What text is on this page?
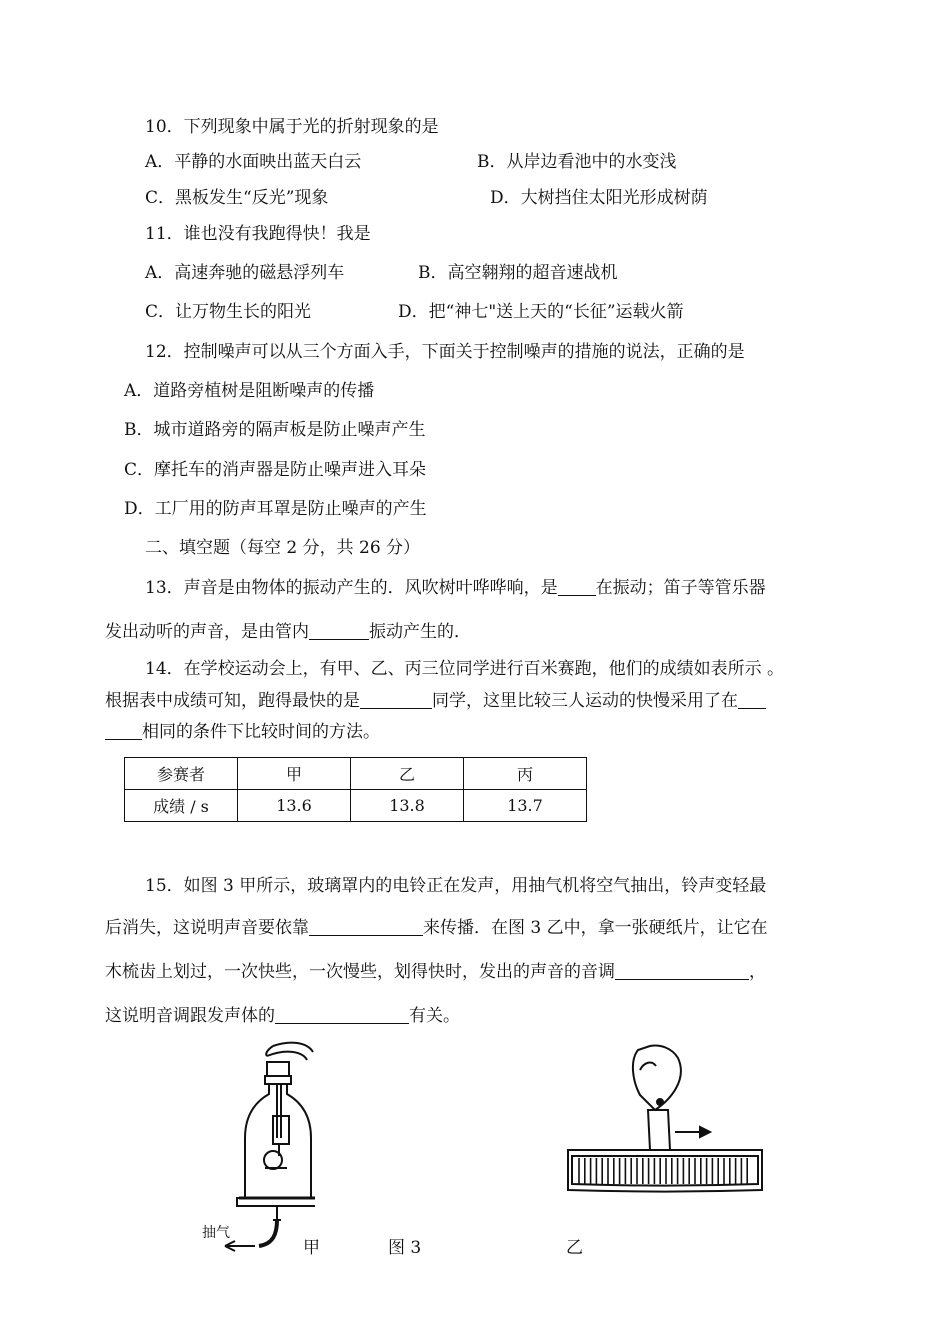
10．下列现象中属于光的折射现象的是
A．平静的水面映出蓝天白云	B．从岸边看池中的水变浅
C．黑板发生“反光”现象	D．大树挡住太阳光形成树荫
11．谁也没有我跑得快！我是
A．高速奔驰的磁悬浮列车	B．高空翱翔的超音速战机
C．让万物生长的阳光	D．把“神七"送上天的“长征”运载火箭
12．控制噪声可以从三个方面入手，下面关于控制噪声的措施的说法，正确的是
A．道路旁植树是阻断噪声的传播
B．城市道路旁的隔声板是防止噪声产生
C．摩托车的消声器是防止噪声进入耳朵
D．工厂用的防声耳罩是防止噪声的产生
二、填空题（每空 2 分，共 26 分）
13．声音是由物体的振动产生的．风吹树叶哗哗响，是 在振动；笛子等管乐器
发出动听的声音，是由管内	振动产生的．
14．在学校运动会上，有甲、乙、丙三位同学进行百米赛跑，他们的成绩如表所示 。
根据表中成绩可知，跑得最快的是	同学，这里比较三人运动的快慢采用了在
相同的条件下比较时间的方法。
参赛者	甲	乙	丙
成绩 / s	13.6	13.8	13.7
15．如图 3 甲所示，玻璃罩内的电铃正在发声，用抽气机将空气抽出，铃声变轻最
后消失，这说明声音要依靠	来传播．在图 3 乙中，拿一张硬纸片，让它在
木梳齿上划过，一次快些，一次慢些，划得快时，发出的声音的音调	，
这说明音调跟发声体的	有关。
抽气
甲	图 3	乙
